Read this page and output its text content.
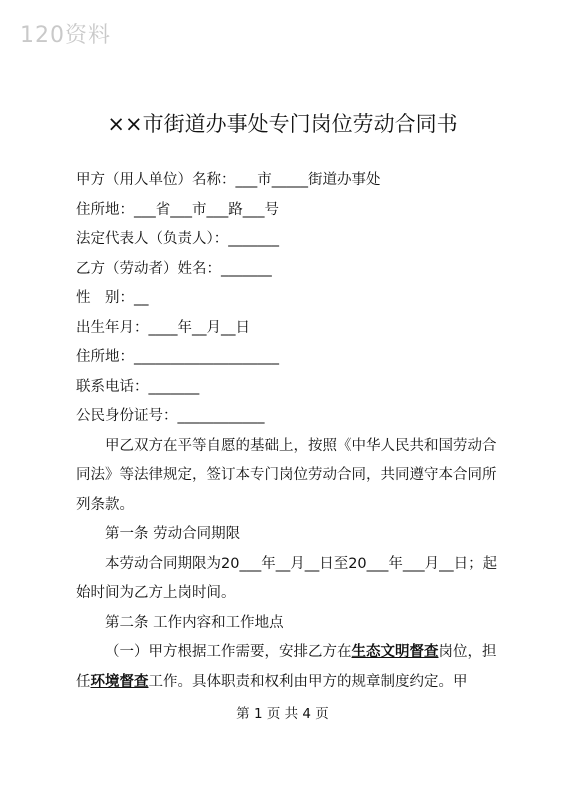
120资料
××市街道办事处专门岗位劳动合同书

甲方（用人单位）名称：___市_____街道办事处

住所地：___省___市___路___号

法定代表人（负责人）：_______

乙方（劳动者）姓名：_______

性　别：__

出生年月：____年__月__日

住所地：____________________

联系电话：_______

公民身份证号：____________

甲乙双方在平等自愿的基础上，按照《中华人民共和国劳动合同法》等法律规定，签订本专门岗位劳动合同，共同遵守本合同所列条款。

第一条 劳动合同期限

本劳动合同期限为20___年__月__日至20___年___月__日；起始时间为乙方上岗时间。

第二条 工作内容和工作地点

（一）甲方根据工作需要，安排乙方在生态文明督查岗位，担任环境督查工作。具体职责和权利由甲方的规章制度约定。甲

第 1 页 共 4 页
